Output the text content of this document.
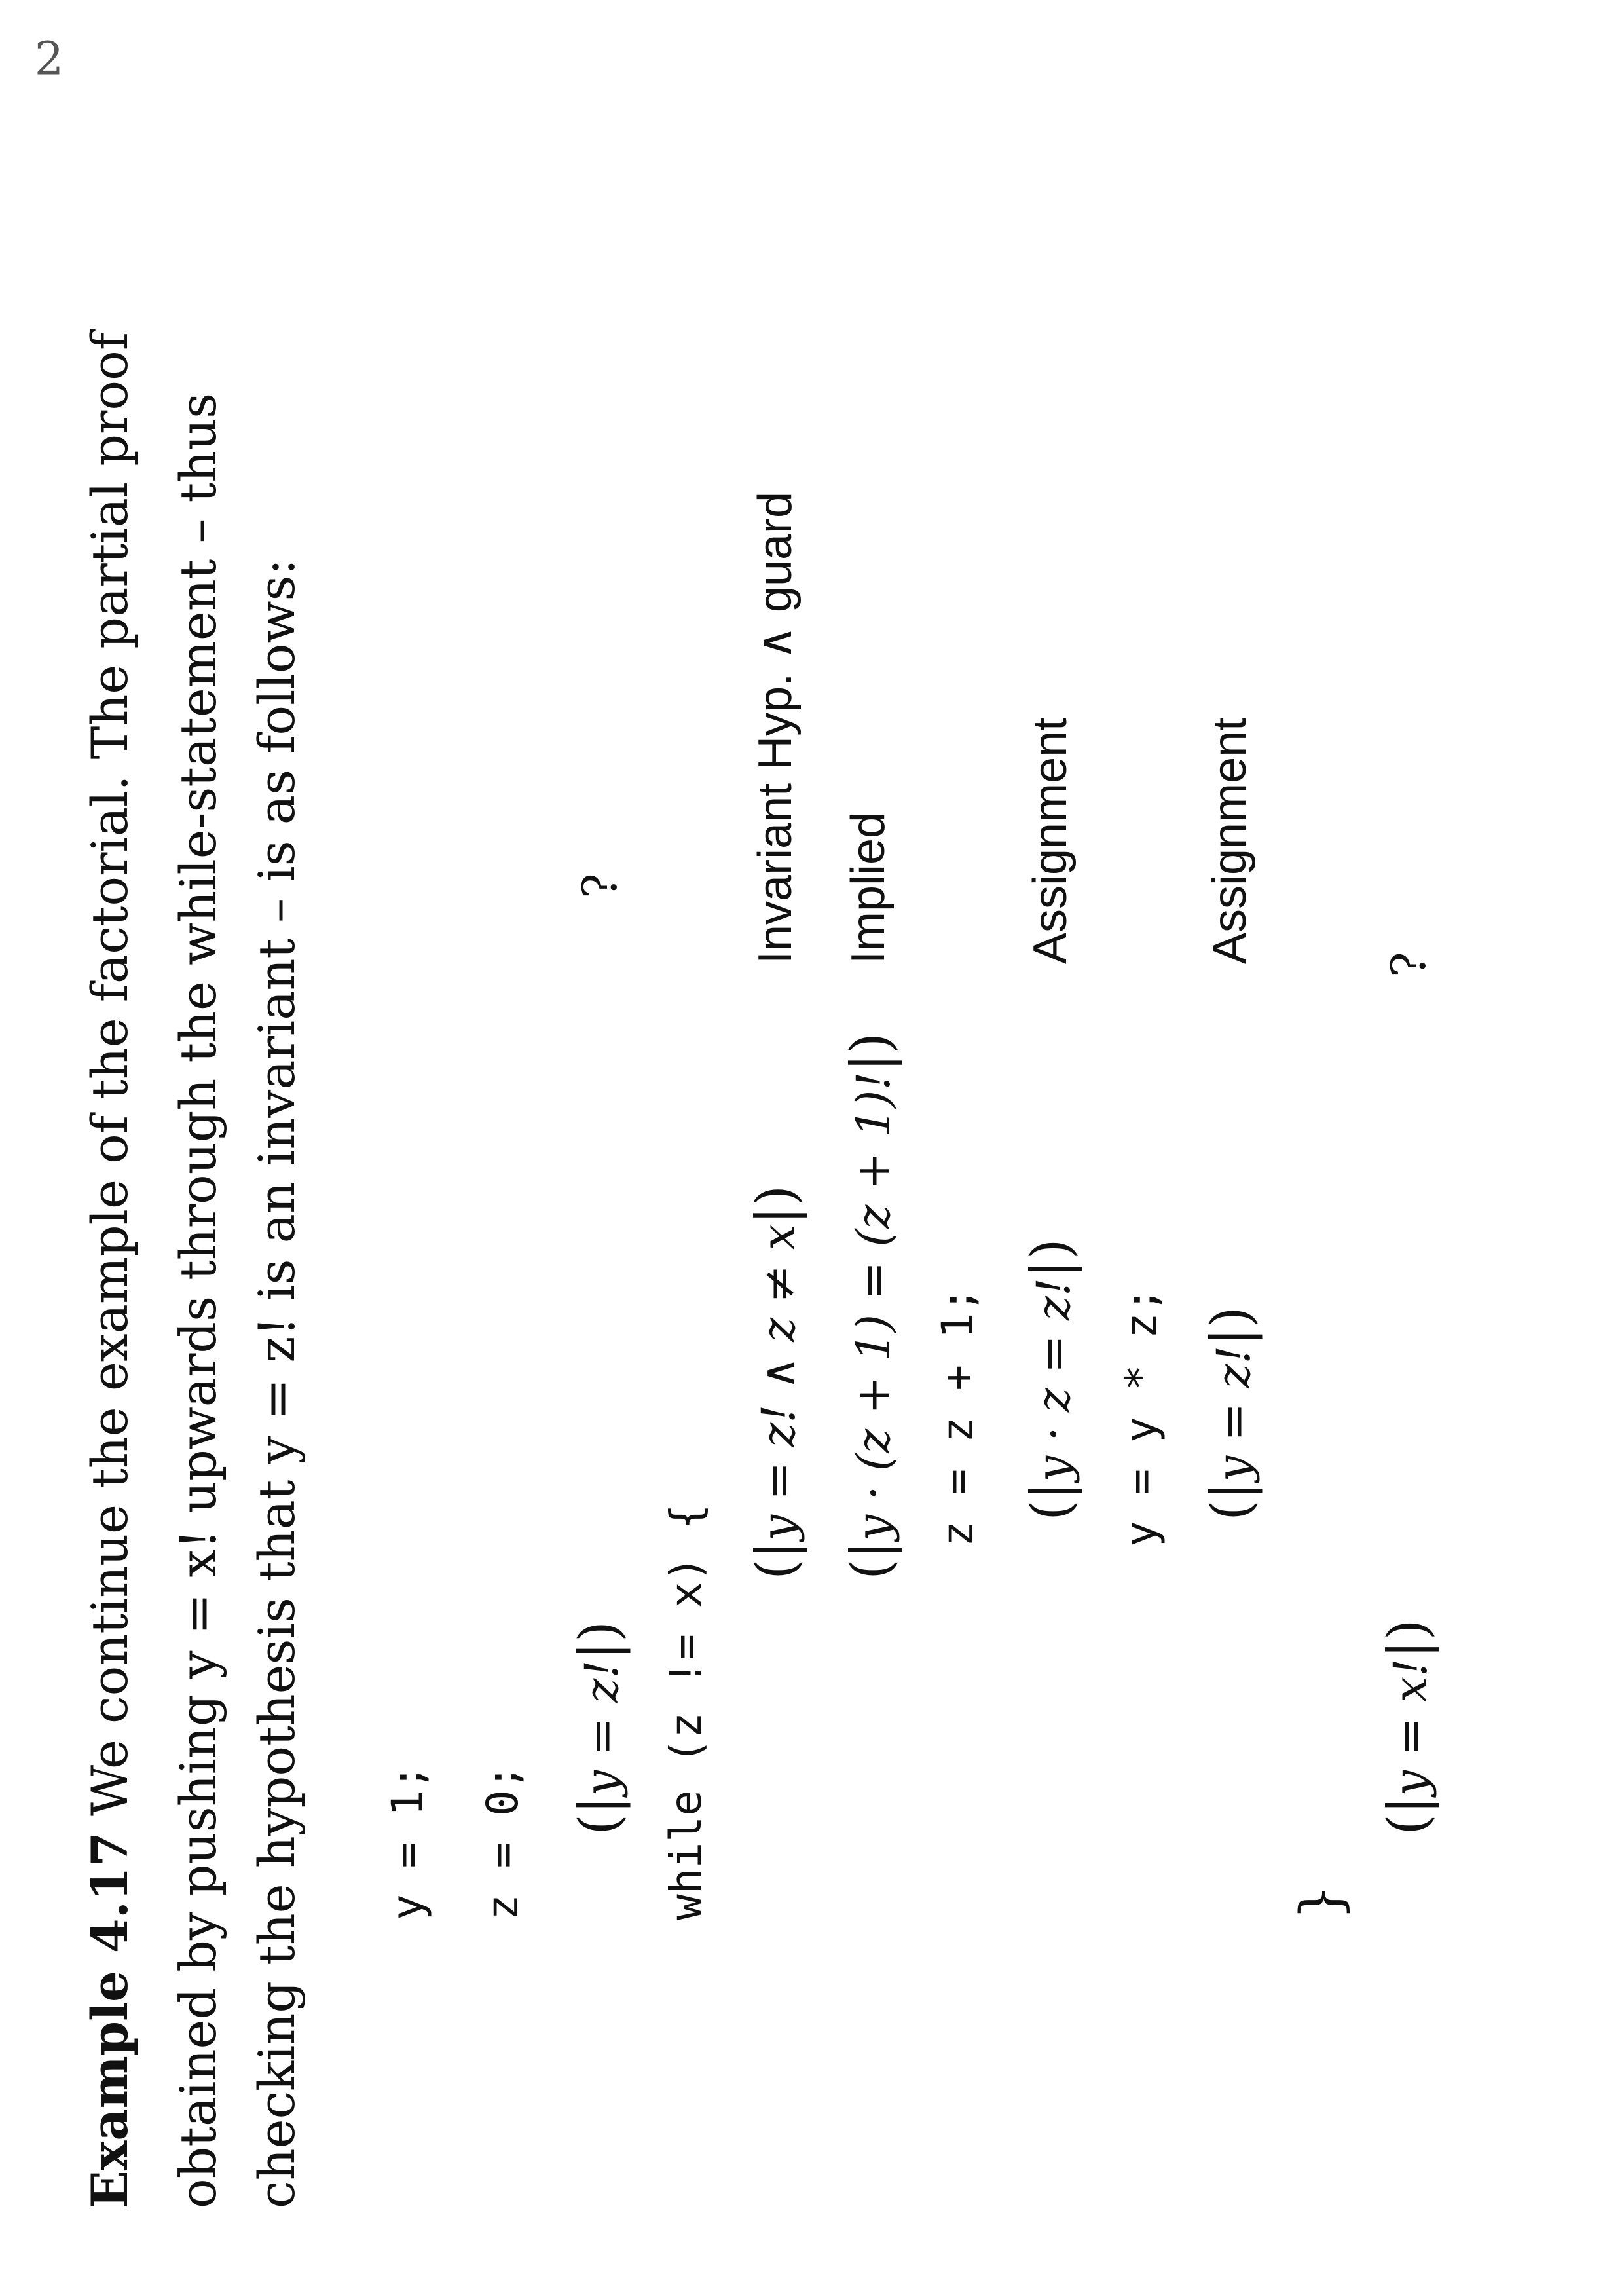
2
Example 4.17 We continue the example of the factorial. The partial proof obtained by pushing y = x! upwards through the while-statement – thus checking the hypothesis that y = z! is an invariant – is as follows: y = 1; z = 0; (|y = z!|)
?
while (z != x) { (|y = z! ∧ z ≠ x|)
Invariant Hyp. ∧ guard
(|y · (z + 1) = (z + 1)!|)
Implied
z = z + 1; (|y · z = z!|)
Assignment
y = y * z; (|y = z!|)
Assignment
}
(|y = x!|)
?
